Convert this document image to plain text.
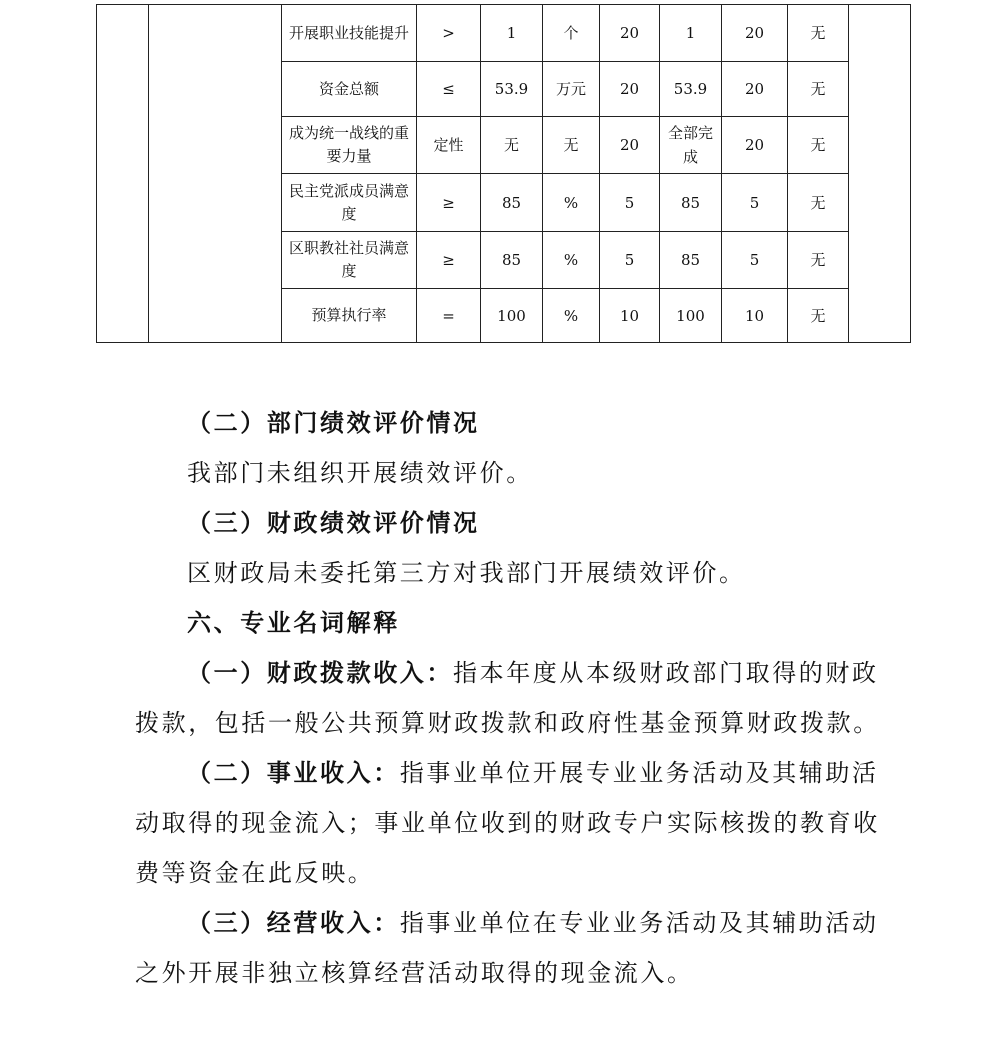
		开展职业技能提升	>	1	个	20	1	20	无	
		资金总额	≤	53.9	万元	20	53.9	20	无	
		成为统一战线的重要力量	定性	无	无	20	全部完成	20	无	
		民主党派成员满意度	≥	85	%	5	85	5	无	
		区职教社社员满意度	≥	85	%	5	85	5	无	
		预算执行率	=	100	%	10	100	10	无	

（二）部门绩效评价情况

我部门未组织开展绩效评价。

（三）财政绩效评价情况

区财政局未委托第三方对我部门开展绩效评价。

六、专业名词解释

（一）财政拨款收入：指本年度从本级财政部门取得的财政拨款，包括一般公共预算财政拨款和政府性基金预算财政拨款。

（二）事业收入：指事业单位开展专业业务活动及其辅助活动取得的现金流入；事业单位收到的财政专户实际核拨的教育收费等资金在此反映。

（三）经营收入：指事业单位在专业业务活动及其辅助活动之外开展非独立核算经营活动取得的现金流入。
